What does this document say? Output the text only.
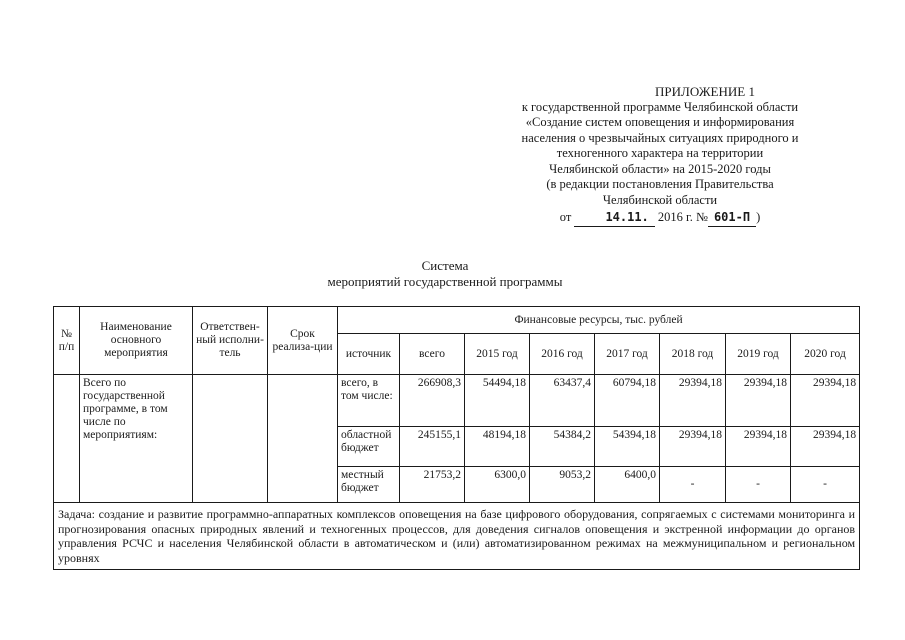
ПРИЛОЖЕНИЕ 1
к государственной программе Челябинской области
«Создание систем оповещения и информирования
населения о чрезвычайных ситуациях природного и
техногенного характера на территории
Челябинской области» на 2015-2020 годы
(в редакции постановления Правительства
Челябинской области
от	14.11. 2016 г. № 601-П )
Система
мероприятий государственной программы
№ п/п	Наименование основного мероприятия	Ответствен-ный исполни-тель	Срок реализа-ции	Финансовые ресурсы, тыс. рублей							
				источник	всего	2015 год	2016 год	2017 год	2018 год	2019 год	2020 год
	Всего по государственной программе, в том числе по мероприятиям:			всего, в том числе:	266908,3	54494,18	63437,4	60794,18	29394,18	29394,18	29394,18
				областной бюджет	245155,1	48194,18	54384,2	54394,18	29394,18	29394,18	29394,18
				местный бюджет	21753,2	6300,0	9053,2	6400,0	-	-	-
Задача: создание и развитие программно-аппаратных комплексов оповещения на базе цифрового оборудования, сопрягаемых с системами мониторинга и прогнозирования опасных природных явлений и техногенных процессов, для доведения сигналов оповещения и экстренной информации до органов управления РСЧС и населения Челябинской области в автоматическом и (или) автоматизированном режимах на межмуниципальном и региональном уровнях											
